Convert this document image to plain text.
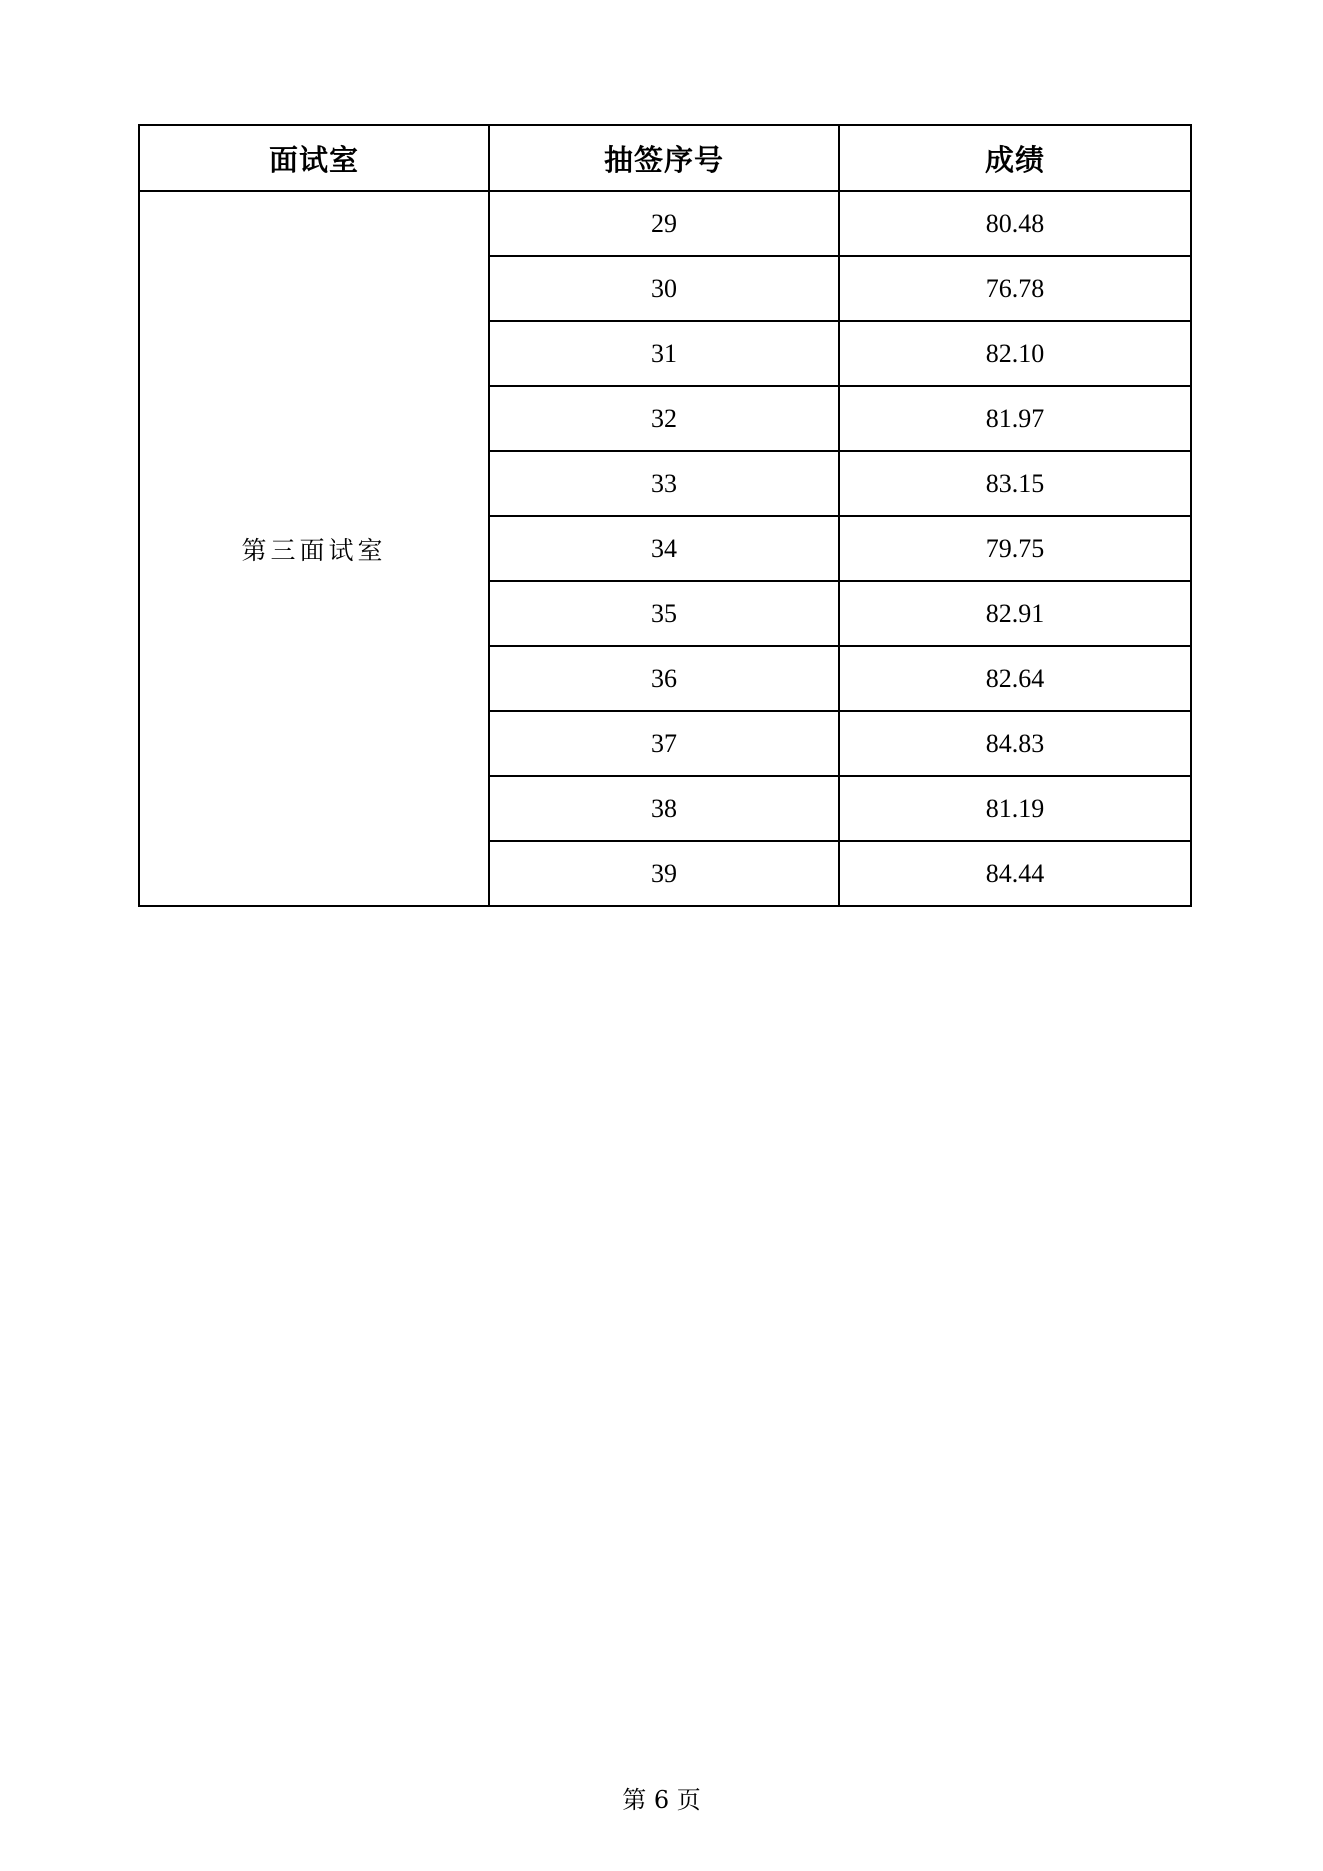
面试室	抽签序号	成绩
第三面试室	29	80.48
	30	76.78
	31	82.10
	32	81.97
	33	83.15
	34	79.75
	35	82.91
	36	82.64
	37	84.83
	38	81.19
	39	84.44
第 6 页
